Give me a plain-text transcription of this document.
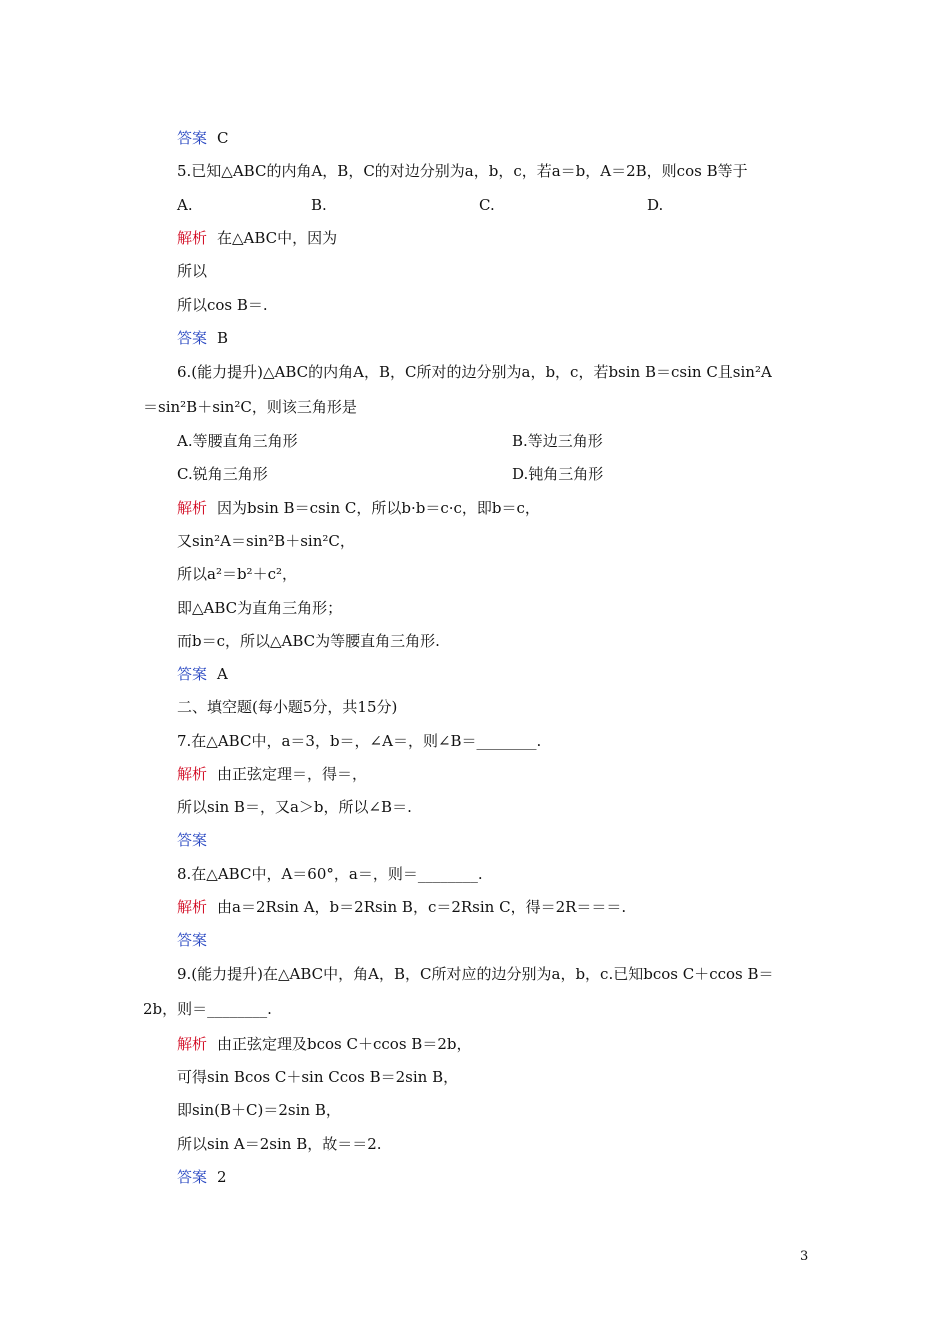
答案 C
5.已知△ABC的内角A，B，C的对边分别为a，b，c，若a＝b，A＝2B，则cos B等于
解析 在△ABC中，因为
所以
所以cos B＝.
答案 B
6.(能力提升)△ABC的内角A，B，C所对的边分别为a，b，c，若bsin B＝csin C且sin²A
＝sin²B＋sin²C，则该三角形是
解析 因为bsin B＝csin C，所以b·b＝c·c，即b＝c，
又sin²A＝sin²B＋sin²C，
所以a²＝b²＋c²，
即△ABC为直角三角形；
而b＝c，所以△ABC为等腰直角三角形.
答案 A
二、填空题(每小题5分，共15分)
7.在△ABC中，a＝3，b＝，∠A＝，则∠B＝________.
解析 由正弦定理＝，得＝，
所以sin B＝，又a＞b，所以∠B＝.
答案
8.在△ABC中，A＝60°，a＝，则＝________.
解析 由a＝2Rsin A，b＝2Rsin B，c＝2Rsin C，得＝2R＝＝＝.
答案
9.(能力提升)在△ABC中，角A，B，C所对应的边分别为a，b，c.已知bcos C＋ccos B＝
2b，则＝________.
解析 由正弦定理及bcos C＋ccos B＝2b，
可得sin Bcos C＋sin Ccos B＝2sin B，
即sin(B＋C)＝2sin B，
所以sin A＝2sin B，故＝＝2.
答案 2
A.	B.	C.	D.
A.等腰直角三角形	B.等边三角形
C.锐角三角形	D.钝角三角形
3
